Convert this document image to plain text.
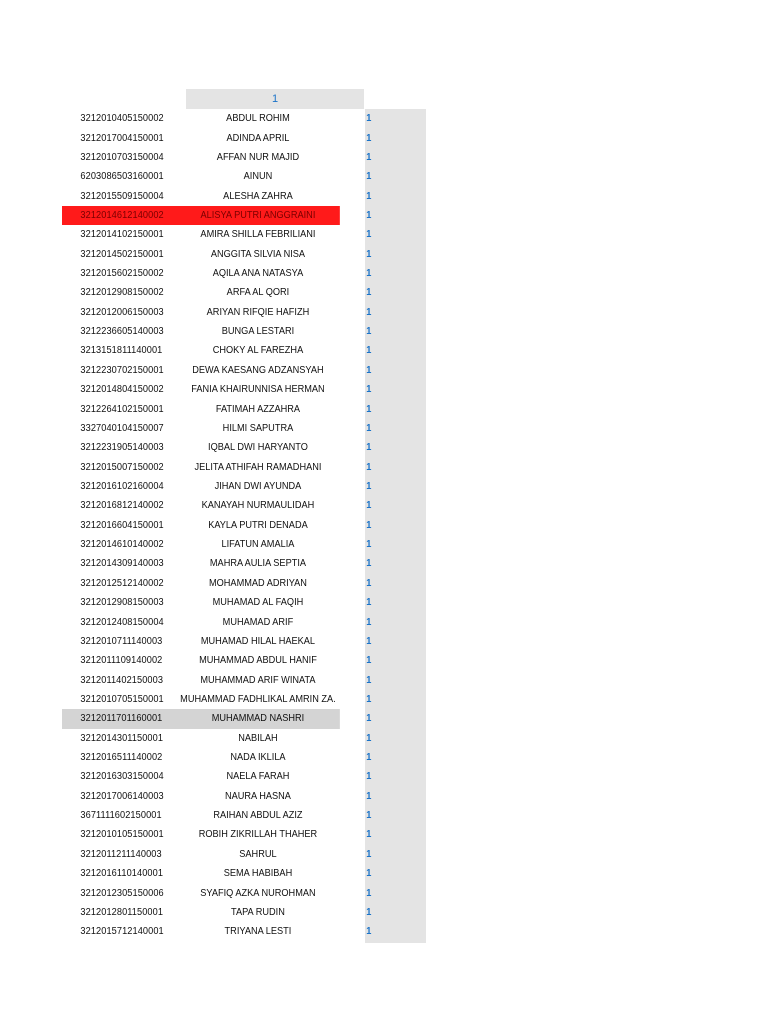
1
3212010405150002	ABDUL ROHIM	1
3212017004150001	ADINDA APRIL	1
3212010703150004	AFFAN NUR MAJID	1
6203086503160001	AINUN	1
3212015509150004	ALESHA ZAHRA	1
3212014612140002	ALISYA PUTRI ANGGRAINI	1
3212014102150001	AMIRA SHILLA FEBRILIANI	1
3212014502150001	ANGGITA SILVIA NISA	1
3212015602150002	AQILA ANA NATASYA	1
3212012908150002	ARFA AL QORI	1
3212012006150003	ARIYAN RIFQIE HAFIZH	1
3212236605140003	BUNGA LESTARI	1
3213151811140001	CHOKY AL FAREZHA	1
3212230702150001	DEWA KAESANG ADZANSYAH	1
3212014804150002	FANIA KHAIRUNNISA HERMAN	1
3212264102150001	FATIMAH AZZAHRA	1
3327040104150007	HILMI SAPUTRA	1
3212231905140003	IQBAL DWI HARYANTO	1
3212015007150002	JELITA ATHIFAH RAMADHANI	1
3212016102160004	JIHAN DWI AYUNDA	1
3212016812140002	KANAYAH NURMAULIDAH	1
3212016604150001	KAYLA PUTRI DENADA	1
3212014610140002	LIFATUN AMALIA	1
3212014309140003	MAHRA AULIA SEPTIA	1
3212012512140002	MOHAMMAD ADRIYAN	1
3212012908150003	MUHAMAD AL FAQIH	1
3212012408150004	MUHAMAD ARIF	1
3212010711140003	MUHAMAD HILAL HAEKAL	1
3212011109140002	MUHAMMAD ABDUL HANIF	1
3212011402150003	MUHAMMAD ARIF WINATA	1
3212010705150001	MUHAMMAD FADHLIKAL AMRIN ZA.	1
3212011701160001	MUHAMMAD NASHRI	1
3212014301150001	NABILAH	1
3212016511140002	NADA IKLILA	1
3212016303150004	NAELA FARAH	1
3212017006140003	NAURA HASNA	1
3671111602150001	RAIHAN ABDUL AZIZ	1
3212010105150001	ROBIH ZIKRILLAH THAHER	1
3212011211140003	SAHRUL	1
3212016110140001	SEMA HABIBAH	1
3212012305150006	SYAFIQ AZKA NUROHMAN	1
3212012801150001	TAPA RUDIN	1
3212015712140001	TRIYANA LESTI	1
